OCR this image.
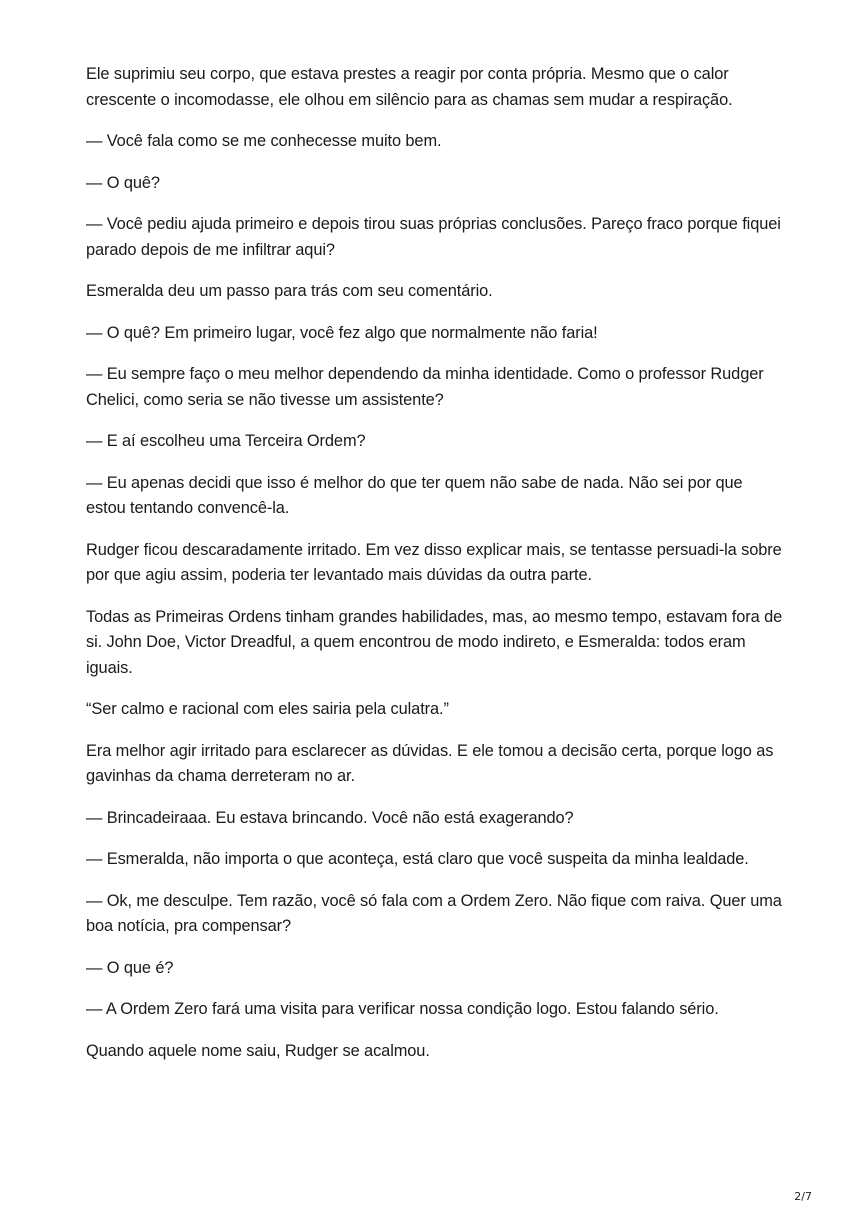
Ele suprimiu seu corpo, que estava prestes a reagir por conta própria. Mesmo que o calor crescente o incomodasse, ele olhou em silêncio para as chamas sem mudar a respiração.

— Você fala como se me conhecesse muito bem.

— O quê?

— Você pediu ajuda primeiro e depois tirou suas próprias conclusões. Pareço fraco porque fiquei parado depois de me infiltrar aqui?

Esmeralda deu um passo para trás com seu comentário.

— O quê? Em primeiro lugar, você fez algo que normalmente não faria!

— Eu sempre faço o meu melhor dependendo da minha identidade. Como o professor Rudger Chelici, como seria se não tivesse um assistente?

— E aí escolheu uma Terceira Ordem?

— Eu apenas decidi que isso é melhor do que ter quem não sabe de nada. Não sei por que estou tentando convencê-la.

Rudger ficou descaradamente irritado. Em vez disso explicar mais, se tentasse persuadi-la sobre por que agiu assim, poderia ter levantado mais dúvidas da outra parte.

Todas as Primeiras Ordens tinham grandes habilidades, mas, ao mesmo tempo, estavam fora de si. John Doe, Victor Dreadful, a quem encontrou de modo indireto, e Esmeralda: todos eram iguais.

“Ser calmo e racional com eles sairia pela culatra.”

Era melhor agir irritado para esclarecer as dúvidas. E ele tomou a decisão certa, porque logo as gavinhas da chama derreteram no ar.

— Brincadeiraaa. Eu estava brincando. Você não está exagerando?

— Esmeralda, não importa o que aconteça, está claro que você suspeita da minha lealdade.

— Ok, me desculpe. Tem razão, você só fala com a Ordem Zero. Não fique com raiva. Quer uma boa notícia, pra compensar?

— O que é?

— A Ordem Zero fará uma visita para verificar nossa condição logo. Estou falando sério.

Quando aquele nome saiu, Rudger se acalmou.

2/7
